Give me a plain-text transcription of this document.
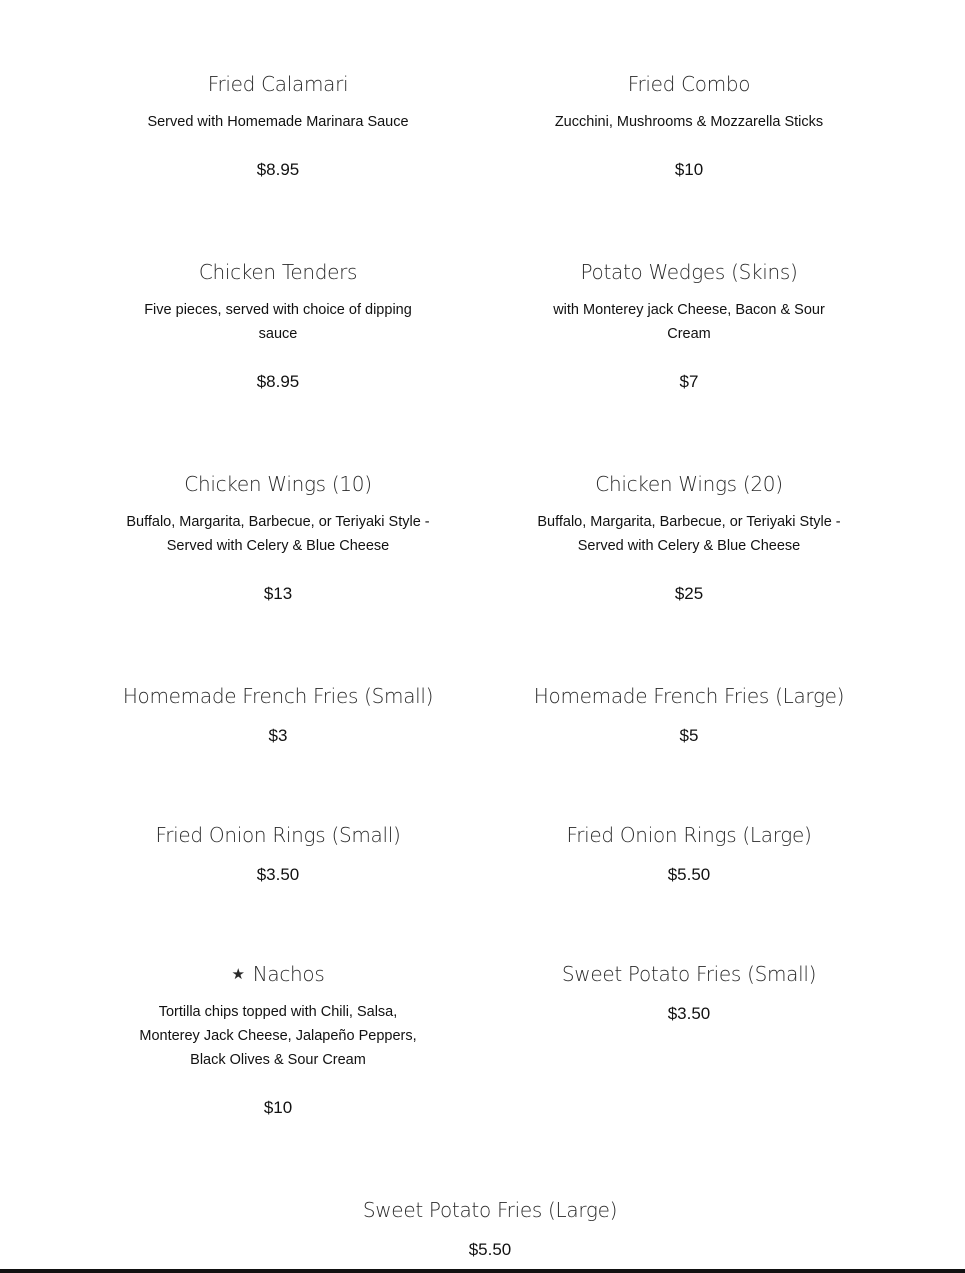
Fried Calamari
Served with Homemade Marinara Sauce
$8.95
Fried Combo
Zucchini, Mushrooms & Mozzarella Sticks
$10
Chicken Tenders
Five pieces, served with choice of dipping sauce
$8.95
Potato Wedges (Skins)
with Monterey jack Cheese, Bacon & Sour Cream
$7
Chicken Wings (10)
Buffalo, Margarita, Barbecue, or Teriyaki Style - Served with Celery & Blue Cheese
$13
Chicken Wings (20)
Buffalo, Margarita, Barbecue, or Teriyaki Style - Served with Celery & Blue Cheese
$25
Homemade French Fries (Small)
$3
Homemade French Fries (Large)
$5
Fried Onion Rings (Small)
$3.50
Fried Onion Rings (Large)
$5.50
★ Nachos
Tortilla chips topped with Chili, Salsa, Monterey Jack Cheese, Jalapeño Peppers, Black Olives & Sour Cream
$10
Sweet Potato Fries (Small)
$3.50
Sweet Potato Fries (Large)
$5.50
